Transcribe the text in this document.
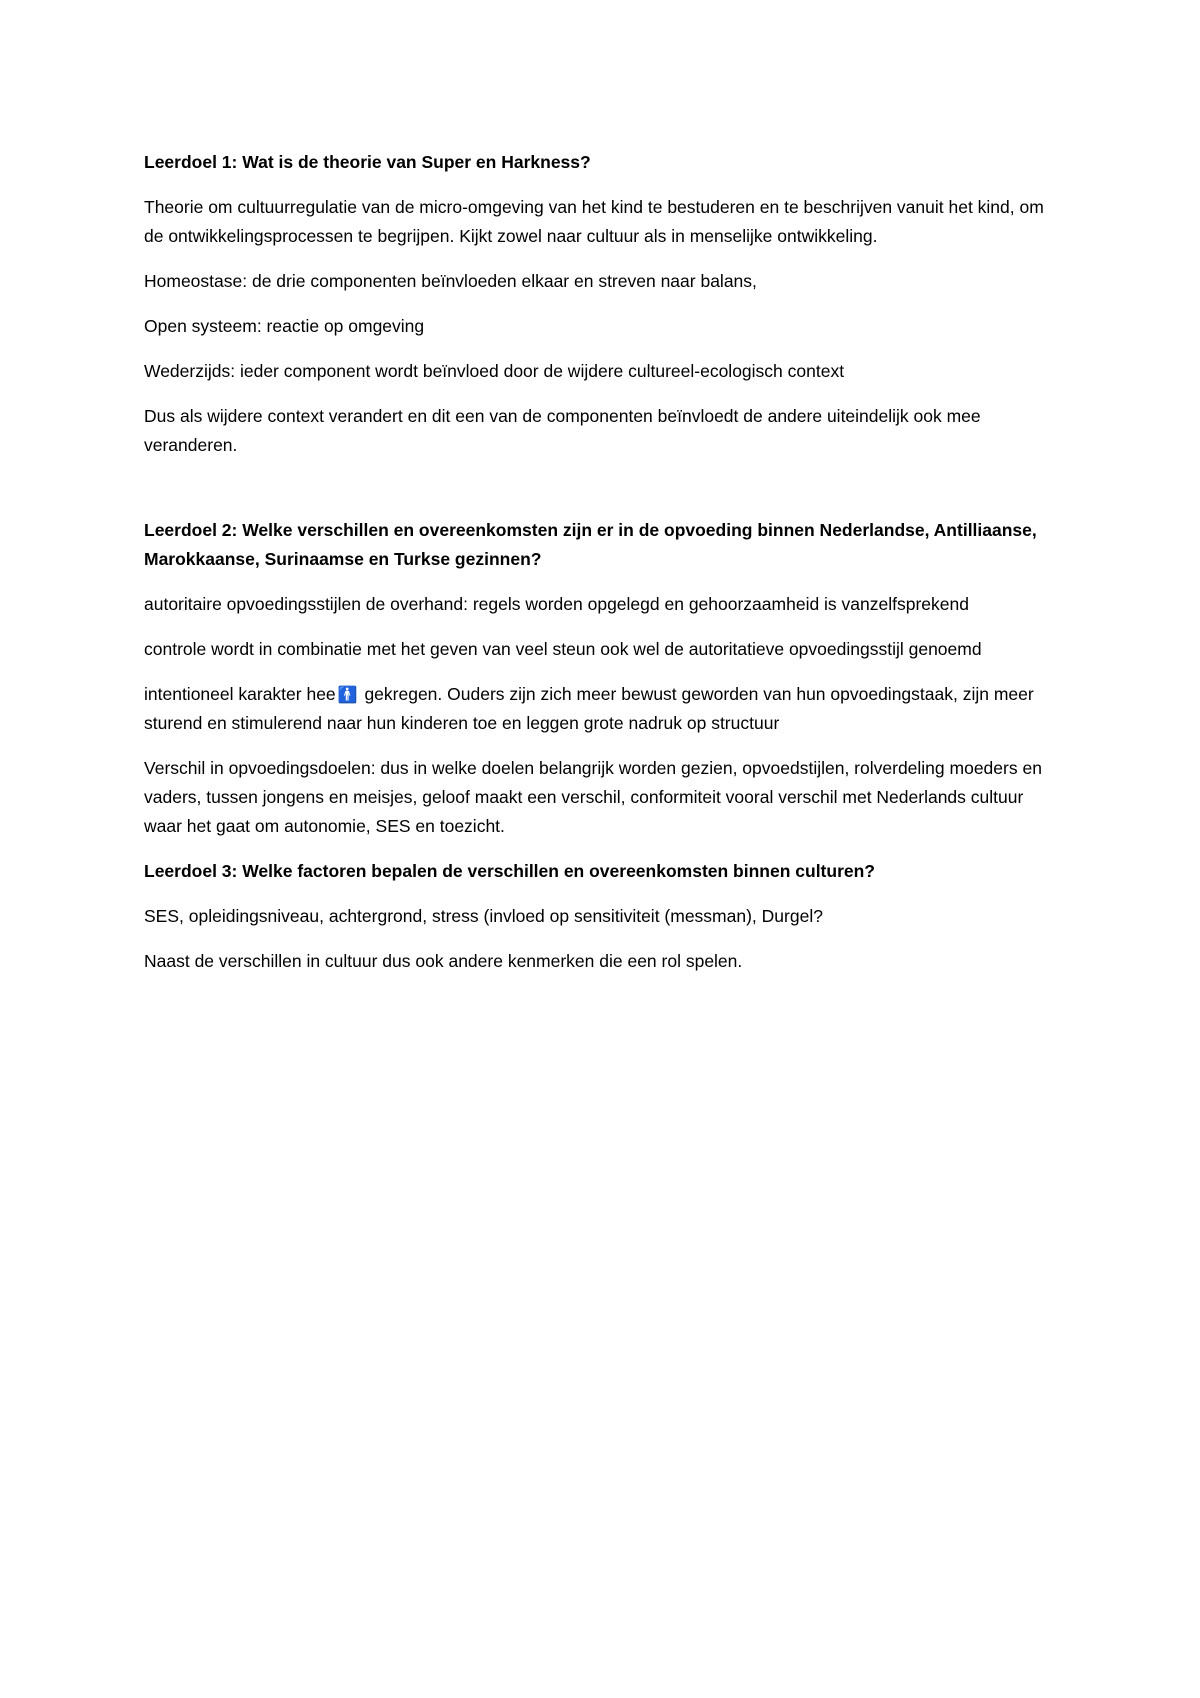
Leerdoel 1: Wat is de theorie van Super en Harkness?
Theorie om cultuurregulatie van de micro-omgeving van het kind te bestuderen en te beschrijven vanuit het kind, om de ontwikkelingsprocessen te begrijpen. Kijkt zowel naar cultuur als in menselijke ontwikkeling.
Homeostase: de drie componenten beïnvloeden elkaar en streven naar balans,
Open systeem: reactie op omgeving
Wederzijds: ieder component wordt beïnvloed door de wijdere cultureel-ecologisch context
Dus als wijdere context verandert en dit een van de componenten beïnvloedt de andere uiteindelijk ook mee veranderen.
Leerdoel 2: Welke verschillen en overeenkomsten zijn er in de opvoeding binnen Nederlandse, Antilliaanse, Marokkaanse, Surinaamse en Turkse gezinnen?
autoritaire opvoedingsstijlen de overhand: regels worden opgelegd en gehoorzaamheid is vanzelfsprekend
controle wordt in combinatie met het geven van veel steun ook wel de autoritatieve opvoedingsstijl genoemd
intentioneel karakter hee 🚹 gekregen. Ouders zijn zich meer bewust geworden van hun opvoedingstaak, zijn meer sturend en stimulerend naar hun kinderen toe en leggen grote nadruk op structuur
Verschil in opvoedingsdoelen: dus in welke doelen belangrijk worden gezien, opvoedstijlen, rolverdeling moeders en vaders, tussen jongens en meisjes, geloof maakt een verschil, conformiteit vooral verschil met Nederlands cultuur waar het gaat om autonomie, SES en toezicht.
Leerdoel 3: Welke factoren bepalen de verschillen en overeenkomsten binnen culturen?
SES, opleidingsniveau, achtergrond, stress (invloed op sensitiviteit (messman), Durgel?
Naast de verschillen in cultuur dus ook andere kenmerken die een rol spelen.
